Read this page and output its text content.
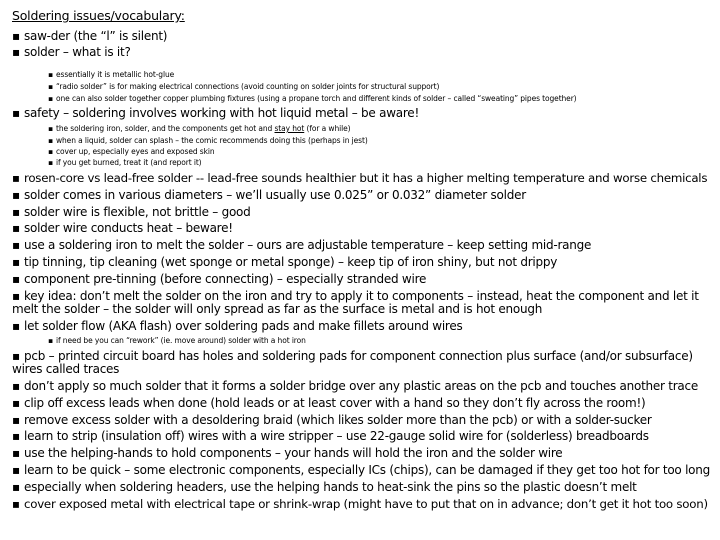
Soldering issues/vocabulary:
▪ saw-der (the “l” is silent)
▪ solder – what is it?
▪ essentially it is metallic hot-glue
▪ “radio solder” is for making electrical connections (avoid counting on solder joints for structural support)
▪ one can also solder together copper plumbing fixtures (using a propane torch and different kinds of solder – called “sweating” pipes together)
▪ safety – soldering involves working with hot liquid metal – be aware!
▪ the soldering iron, solder, and the components get hot and stay hot (for a while)
▪ when a liquid, solder can splash – the comic recommends doing this (perhaps in jest)
▪ cover up, especially eyes and exposed skin
▪ if you get burned, treat it (and report it)
▪ rosen-core vs lead-free solder -- lead-free sounds healthier but it has a higher melting temperature and worse chemicals
▪ solder comes in various diameters – we’ll usually use 0.025” or 0.032” diameter solder
▪ solder wire is flexible, not brittle – good
▪ solder wire conducts heat – beware!
▪ use a soldering iron to melt the solder – ours are adjustable temperature – keep setting mid-range
▪ tip tinning, tip cleaning (wet sponge or metal sponge) – keep tip of iron shiny, but not drippy
▪ component pre-tinning (before connecting) – especially stranded wire
▪ key idea: don’t melt the solder on the iron and try to apply it to components – instead, heat the component and let it
melt the solder – the solder will only spread as far as the surface is metal and is hot enough
▪ let solder flow (AKA flash) over soldering pads and make fillets around wires
▪ if need be you can “rework” (ie. move around) solder with a hot iron
▪ pcb – printed circuit board has holes and soldering pads for component connection plus surface (and/or subsurface)
wires called traces
▪ don’t apply so much solder that it forms a solder bridge over any plastic areas on the pcb and touches another trace
▪ clip off excess leads when done (hold leads or at least cover with a hand so they don’t fly across the room!)
▪ remove excess solder with a desoldering braid (which likes solder more than the pcb) or with a solder-sucker
▪ learn to strip (insulation off) wires with a wire stripper – use 22-gauge solid wire for (solderless) breadboards
▪ use the helping-hands to hold components – your hands will hold the iron and the solder wire
▪ learn to be quick – some electronic components, especially ICs (chips), can be damaged if they get too hot for too long
▪ especially when soldering headers, use the helping hands to heat-sink the pins so the plastic doesn’t melt
▪ cover exposed metal with electrical tape or shrink-wrap (might have to put that on in advance; don’t get it hot too soon)
